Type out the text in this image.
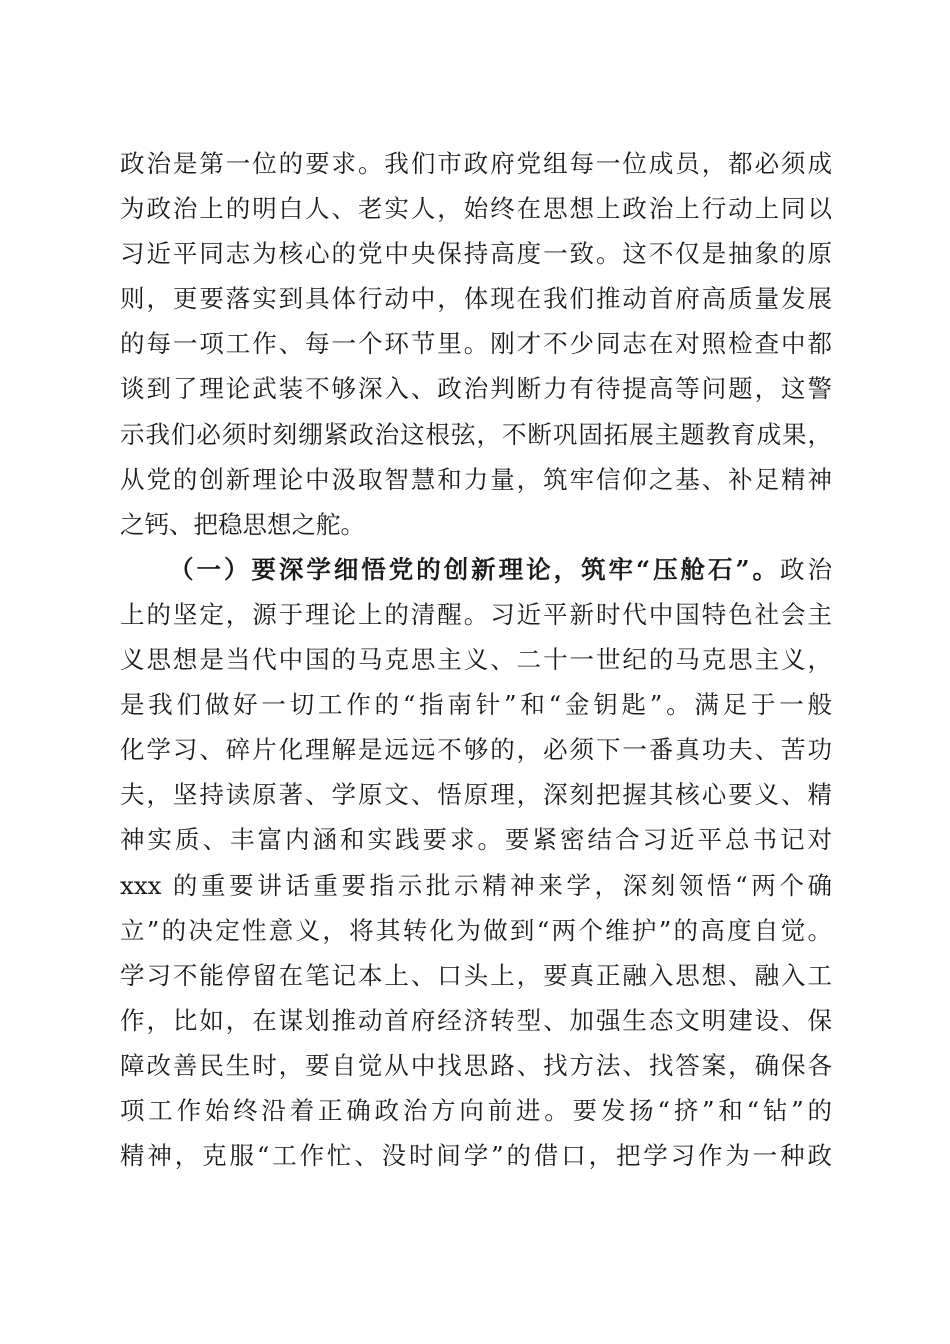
政治是第一位的要求。我们市政府党组每一位成员，都必须成
为政治上的明白人、老实人，始终在思想上政治上行动上同以
习近平同志为核心的党中央保持高度一致。这不仅是抽象的原
则，更要落实到具体行动中，体现在我们推动首府高质量发展
的每一项工作、每一个环节里。刚才不少同志在对照检查中都
谈到了理论武装不够深入、政治判断力有待提高等问题，这警
示我们必须时刻绷紧政治这根弦，不断巩固拓展主题教育成果，
从党的创新理论中汲取智慧和力量，筑牢信仰之基、补足精神
之钙、把稳思想之舵。
（一）要深学细悟党的创新理论，筑牢“压舱石”。政治
上的坚定，源于理论上的清醒。习近平新时代中国特色社会主
义思想是当代中国的马克思主义、二十一世纪的马克思主义，
是我们做好一切工作的“指南针”和“金钥匙”。满足于一般
化学习、碎片化理解是远远不够的，必须下一番真功夫、苦功
夫，坚持读原著、学原文、悟原理，深刻把握其核心要义、精
神实质、丰富内涵和实践要求。要紧密结合习近平总书记对
xxx 的重要讲话重要指示批示精神来学，深刻领悟“两个确
立”的决定性意义，将其转化为做到“两个维护”的高度自觉。
学习不能停留在笔记本上、口头上，要真正融入思想、融入工
作，比如，在谋划推动首府经济转型、加强生态文明建设、保
障改善民生时，要自觉从中找思路、找方法、找答案，确保各
项工作始终沿着正确政治方向前进。要发扬“挤”和“钻”的
精神，克服“工作忙、没时间学”的借口，把学习作为一种政
